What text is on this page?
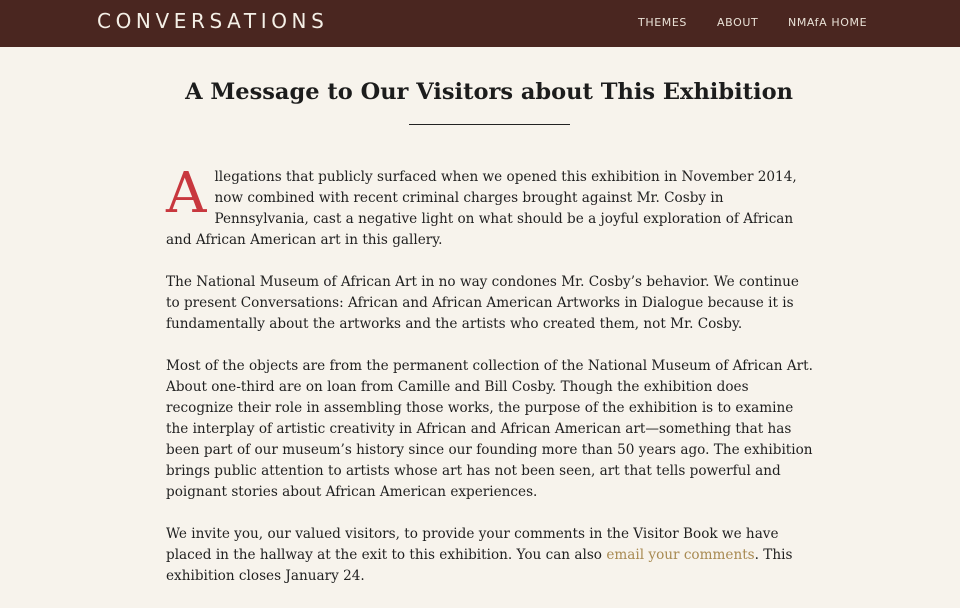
CONVERSATIONS	THEMES	ABOUT	NMAfA HOME
A Message to Our Visitors about This Exhibition

Allegations that publicly surfaced when we opened this exhibition in November 2014, now combined with recent criminal charges brought against Mr. Cosby in Pennsylvania, cast a negative light on what should be a joyful exploration of African and African American art in this gallery.

The National Museum of African Art in no way condones Mr. Cosby’s behavior. We continue to present Conversations: African and African American Artworks in Dialogue because it is fundamentally about the artworks and the artists who created them, not Mr. Cosby.

Most of the objects are from the permanent collection of the National Museum of African Art. About one-third are on loan from Camille and Bill Cosby. Though the exhibition does recognize their role in assembling those works, the purpose of the exhibition is to examine the interplay of artistic creativity in African and African American art—something that has been part of our museum’s history since our founding more than 50 years ago. The exhibition brings public attention to artists whose art has not been seen, art that tells powerful and poignant stories about African American experiences.

We invite you, our valued visitors, to provide your comments in the Visitor Book we have placed in the hallway at the exit to this exhibition. You can also email your comments. This exhibition closes January 24.
